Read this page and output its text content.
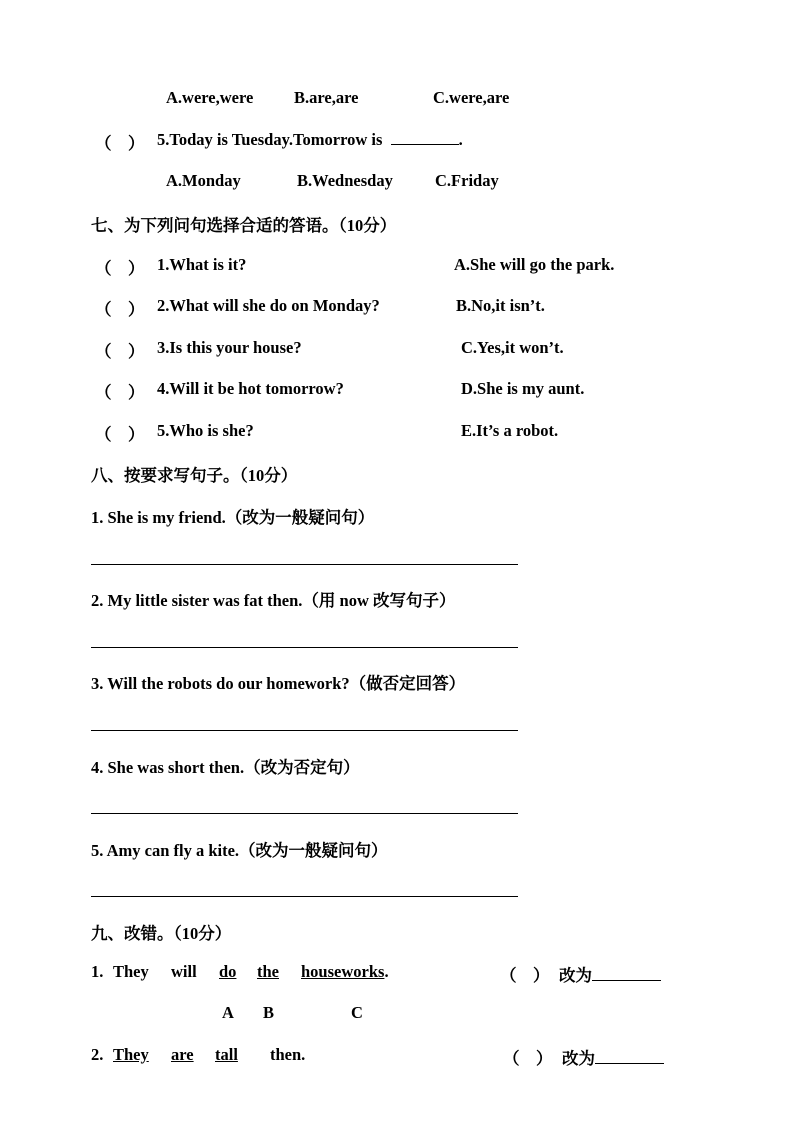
A.were,were B.are,are	C.were,are
（　） 5.Today is Tuesday.Tomorrow is	.
A.Monday	B.Wednesday	C.Friday
七、为下列问句选择合适的答语。（10分）
（　） 1.What is it?	A.She will go the park.
（　） 2.What will she do on Monday?	B.No,it isn’t.
（　） 3.Is this your house?	C.Yes,it won’t.
（　） 4.Will it be hot tomorrow?	D.She is my aunt.
（　） 5.Who is she?	E.It’s a robot.
八、按要求写句子。（10分）
1. She is my friend.（改为一般疑问句）
2. My little sister was fat then.（用 now 改写句子）
3. Will the robots do our homework?（做否定回答）
4. She was short then.（改为否定句）
5. Amy can fly a kite.（改为一般疑问句）
九、改错。（10分）
1. They will do the houseworks.	（　） 改为
A B	C
2. They are tall then.	（　） 改为
